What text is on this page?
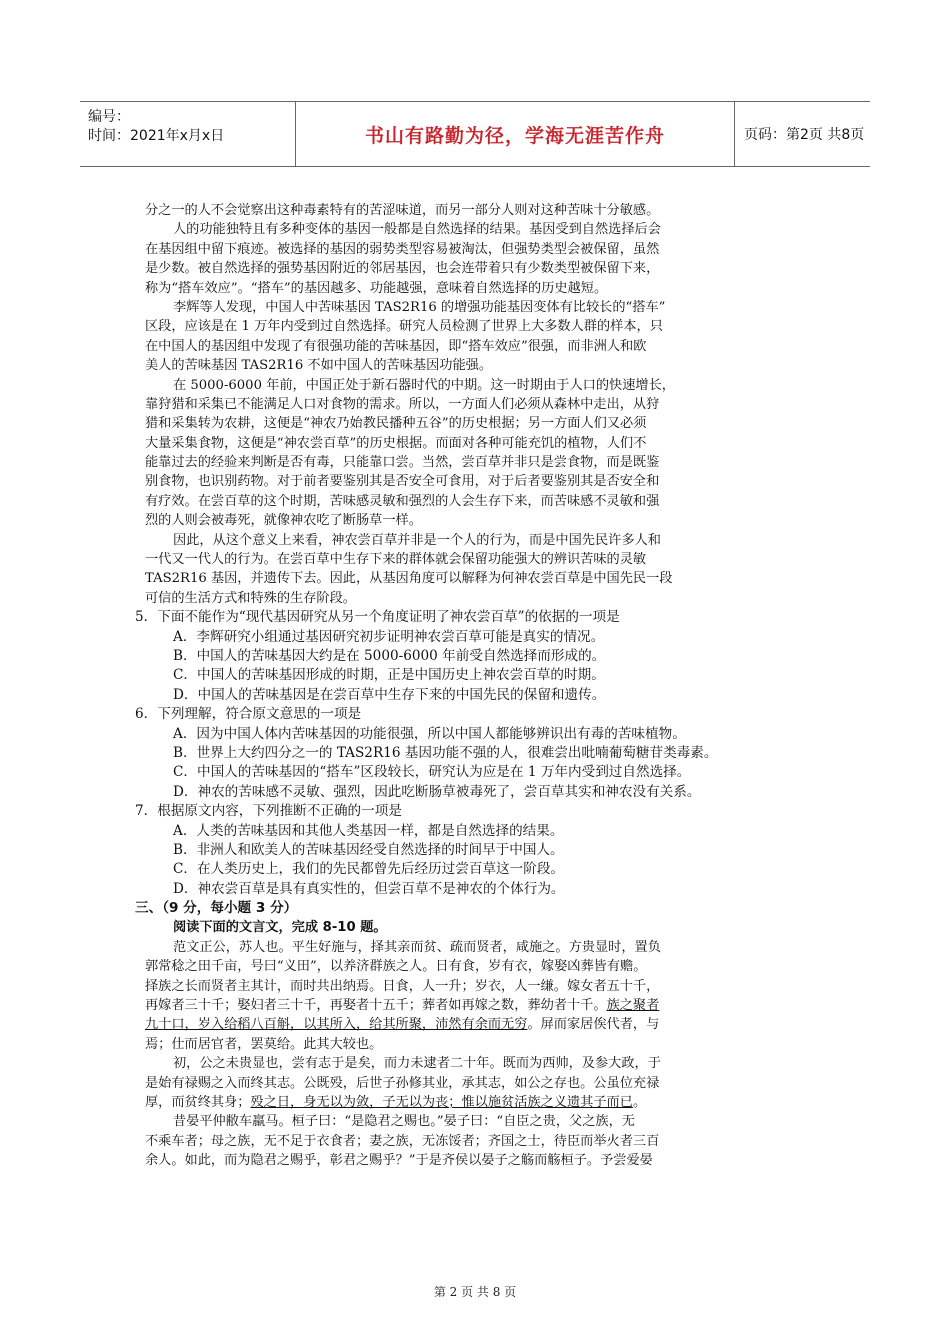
编号：
时间：2021年x月x日	书山有路勤为径，学海无涯苦作舟	页码：第2页 共8页
分之一的人不会觉察出这种毒素特有的苦涩味道，而另一部分人则对这种苦味十分敏感。
人的功能独特且有多种变体的基因一般都是自然选择的结果。基因受到自然选择后会
在基因组中留下痕迹。被选择的基因的弱势类型容易被淘汰，但强势类型会被保留，虽然
是少数。被自然选择的强势基因附近的邻居基因，也会连带着只有少数类型被保留下来，
称为“搭车效应”。“搭车”的基因越多、功能越强，意味着自然选择的历史越短。
李辉等人发现，中国人中苦味基因 TAS2R16 的增强功能基因变体有比较长的“搭车”
区段，应该是在 1 万年内受到过自然选择。研究人员检测了世界上大多数人群的样本，只
在中国人的基因组中发现了有很强功能的苦味基因，即“搭车效应”很强，而非洲人和欧
美人的苦味基因 TAS2R16 不如中国人的苦味基因功能强。
在 5000-6000 年前，中国正处于新石器时代的中期。这一时期由于人口的快速增长，
靠狩猎和采集已不能满足人口对食物的需求。所以，一方面人们必须从森林中走出，从狩
猎和采集转为农耕，这便是“神农乃始教民播种五谷”的历史根据；另一方面人们又必须
大量采集食物，这便是“神农尝百草”的历史根据。而面对各种可能充饥的植物，人们不
能靠过去的经验来判断是否有毒，只能靠口尝。当然，尝百草并非只是尝食物，而是既鉴
别食物，也识别药物。对于前者要鉴别其是否安全可食用，对于后者要鉴别其是否安全和
有疗效。在尝百草的这个时期，苦味感灵敏和强烈的人会生存下来，而苦味感不灵敏和强
烈的人则会被毒死，就像神农吃了断肠草一样。
因此，从这个意义上来看，神农尝百草并非是一个人的行为，而是中国先民许多人和
一代又一代人的行为。在尝百草中生存下来的群体就会保留功能强大的辨识苦味的灵敏
TAS2R16 基因，并遗传下去。因此，从基因角度可以解释为何神农尝百草是中国先民一段
可信的生活方式和特殊的生存阶段。
5．下面不能作为“现代基因研究从另一个角度证明了神农尝百草”的依据的一项是
A．李辉研究小组通过基因研究初步证明神农尝百草可能是真实的情况。
B．中国人的苦味基因大约是在 5000-6000 年前受自然选择而形成的。
C．中国人的苦味基因形成的时期，正是中国历史上神农尝百草的时期。
D．中国人的苦味基因是在尝百草中生存下来的中国先民的保留和遗传。
6．下列理解，符合原文意思的一项是
A．因为中国人体内苦味基因的功能很强，所以中国人都能够辨识出有毒的苦味植物。
B．世界上大约四分之一的 TAS2R16 基因功能不强的人，很难尝出吡喃葡萄糖苷类毒素。
C．中国人的苦味基因的“搭车”区段较长，研究认为应是在 1 万年内受到过自然选择。
D．神农的苦味感不灵敏、强烈，因此吃断肠草被毒死了，尝百草其实和神农没有关系。
7．根据原文内容，下列推断不正确的一项是
A．人类的苦味基因和其他人类基因一样，都是自然选择的结果。
B．非洲人和欧美人的苦味基因经受自然选择的时间早于中国人。
C．在人类历史上，我们的先民都曾先后经历过尝百草这一阶段。
D．神农尝百草是具有真实性的，但尝百草不是神农的个体行为。
三、（9 分，每小题 3 分）
阅读下面的文言文，完成 8-10 题。
范文正公，苏人也。平生好施与，择其亲而贫、疏而贤者，咸施之。方贵显时，置负
郭常稔之田千亩，号曰“义田”，以养济群族之人。日有食，岁有衣，嫁娶凶葬皆有赡。
择族之长而贤者主其计，而时共出纳焉。日食，人一升；岁衣，人一缣。嫁女者五十千，
再嫁者三十千；娶妇者三十千，再娶者十五千；葬者如再嫁之数，葬幼者十千。族之聚者
九十口，岁入给稻八百斛，以其所入，给其所聚，沛然有余而无穷。屏而家居俟代者，与
焉；仕而居官者，罢莫给。此其大较也。
初，公之未贵显也，尝有志于是矣，而力未逮者二十年。既而为西帅，及参大政，于
是始有禄赐之入而终其志。公既殁，后世子孙修其业，承其志，如公之存也。公虽位充禄
厚，而贫终其身；殁之日，身无以为敛，子无以为丧；惟以施贫活族之义遗其子而已。
昔晏平仲敝车羸马。桓子曰：“是隐君之赐也。”晏子曰：“自臣之贵，父之族，无
不乘车者；母之族，无不足于衣食者；妻之族，无冻馁者；齐国之士，待臣而举火者三百
余人。如此，而为隐君之赐乎，彰君之赐乎？”于是齐侯以晏子之觞而觞桓子。予尝爱晏
第 2 页 共 8 页
